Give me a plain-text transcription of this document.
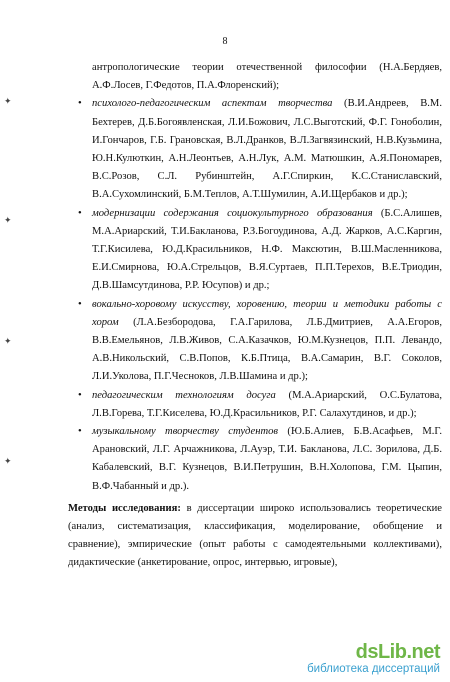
8
✦
✦
✦
✦

антропологические теории отечественной философии (Н.А.Бердяев, А.Ф.Лосев, Г.Федотов, П.А.Флоренский);

• психолого-педагогическим аспектам творчества (В.И.Андреев, В.М. Бехтерев, Д.Б.Богоявленская, Л.И.Божович, Л.С.Выготский, Ф.Г. Гоноболин, И.Гончаров, Г.Б. Грановская, В.Л.Дранков, В.Л.Загвязинский, Н.В.Кузьмина, Ю.Н.Кулюткин, А.Н.Леонтьев, А.Н.Лук, А.М. Матюшкин, А.Я.Пономарев, В.С.Розов, С.Л. Рубинштейн, А.Г.Спиркин, К.С.Станиславский, В.А.Сухомлинский, Б.М.Теплов, А.Т.Шумилин, А.И.Щербаков и др.);

• модернизации содержания социокультурного образования (Б.С.Алишев, М.А.Ариарский, Т.И.Бакланова, Р.З.Богоудинова, А.Д. Жарков, А.С.Каргин, Т.Г.Кисилева, Ю.Д.Красильников, Н.Ф. Максютин, В.Ш.Масленникова, Е.И.Смирнова, Ю.А.Стрельцов, В.Я.Суртаев, П.П.Терехов, В.Е.Триодин, Д.В.Шамсутдинова, Р.Р. Юсупов) и др.;

• вокально-хоровому искусству, хоровению, теории и методики работы с хором (Л.А.Безбородова, Г.А.Гарилова, Л.Б.Дмитриев, А.А.Егоров, В.В.Емельянов, Л.В.Живов, С.А.Казачков, Ю.М.Кузнецов, П.П. Левандо, А.В.Никольский, С.В.Попов, К.Б.Птица, В.А.Самарин, В.Г. Соколов, Л.И.Уколова, П.Г.Чесноков, Л.В.Шамина и др.);

• педагогическим технологиям досуга (М.А.Ариарский, О.С.Булатова, Л.В.Горева, Т.Г.Киселева, Ю.Д.Красильников, Р.Г. Салахутдинов, и др.);

• музыкальному творчеству студентов (Ю.Б.Алиев, Б.В.Асафьев, М.Г. Арановский, Л.Г. Арчажникова, Л.Ауэр, Т.И. Бакланова, Л.С. Зорилова, Д.Б. Кабалевский, В.Г. Кузнецов, В.И.Петрушин, В.Н.Холопова, Г.М. Цыпин, В.Ф.Чабанный и др.).

Методы исследования: в диссертации широко использовались теоретические (анализ, систематизация, классификация, моделирование, обобщение и сравнение), эмпирические (опыт работы с самодеятельными коллективами), дидактические (анкетирование, опрос, интервью, игровые),

dsLib.net
библиотека диссертаций
